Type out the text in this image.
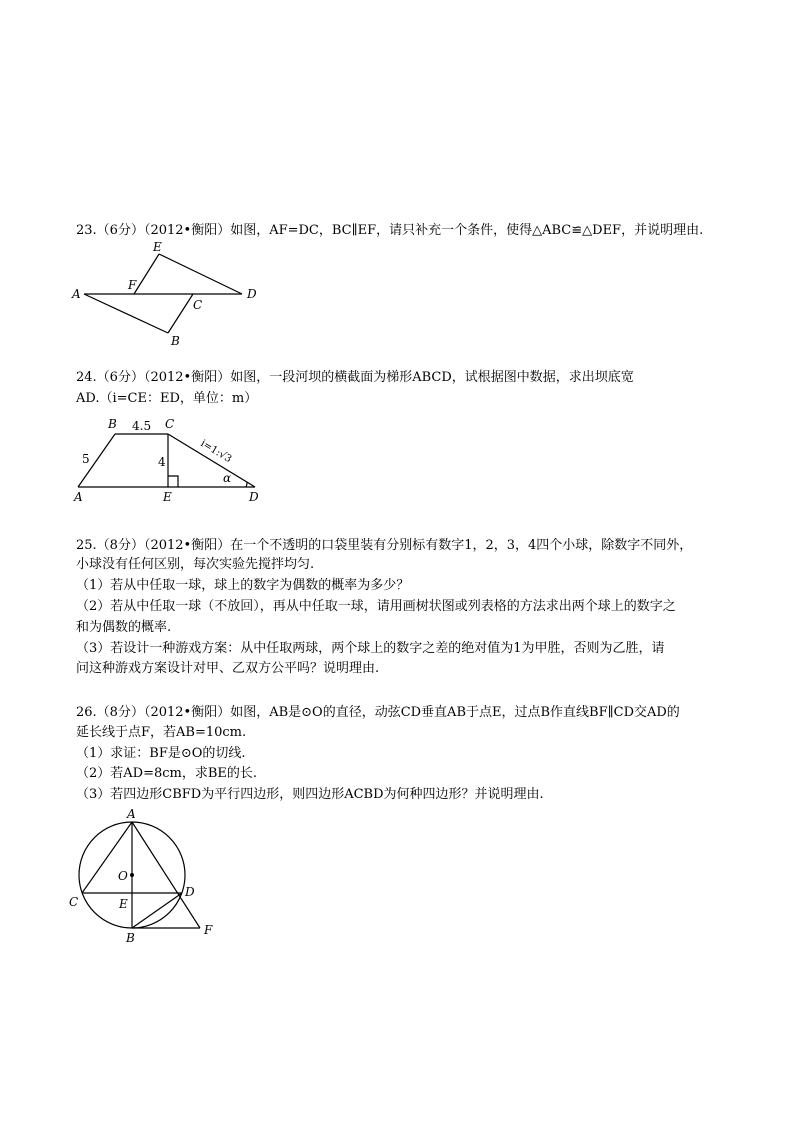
23.（6分）（2012•衡阳）如图，AF=DC，BC∥EF，请只补充一个条件，使得△ABC≌△DEF，并说明理由.
A
B
C
D
E
F
24.（6分）（2012•衡阳）如图，一段河坝的横截面为梯形ABCD，试根据图中数据，求出坝底宽
AD.（i=CE：ED，单位：m）
B	C
A	E	D
4.5
5	4	i=1:√3
α
25.（8分）（2012•衡阳）在一个不透明的口袋里装有分别标有数字1，2，3，4四个小球，除数字不同外，
小球没有任何区别，每次实验先搅拌均匀.
（1）若从中任取一球，球上的数字为偶数的概率为多少？
（2）若从中任取一球（不放回），再从中任取一球，请用画树状图或列表格的方法求出两个球上的数字之
和为偶数的概率.
（3）若设计一种游戏方案：从中任取两球，两个球上的数字之差的绝对值为1为甲胜，否则为乙胜，请
问这种游戏方案设计对甲、乙双方公平吗？说明理由.
26.（8分）（2012•衡阳）如图，AB是⊙O的直径，动弦CD垂直AB于点E，过点B作直线BF∥CD交AD的
延长线于点F，若AB=10cm.
（1）求证：BF是⊙O的切线.
（2）若AD=8cm，求BE的长.
（3）若四边形CBFD为平行四边形，则四边形ACBD为何种四边形？并说明理由.
A
O
C
D
E
B
F
